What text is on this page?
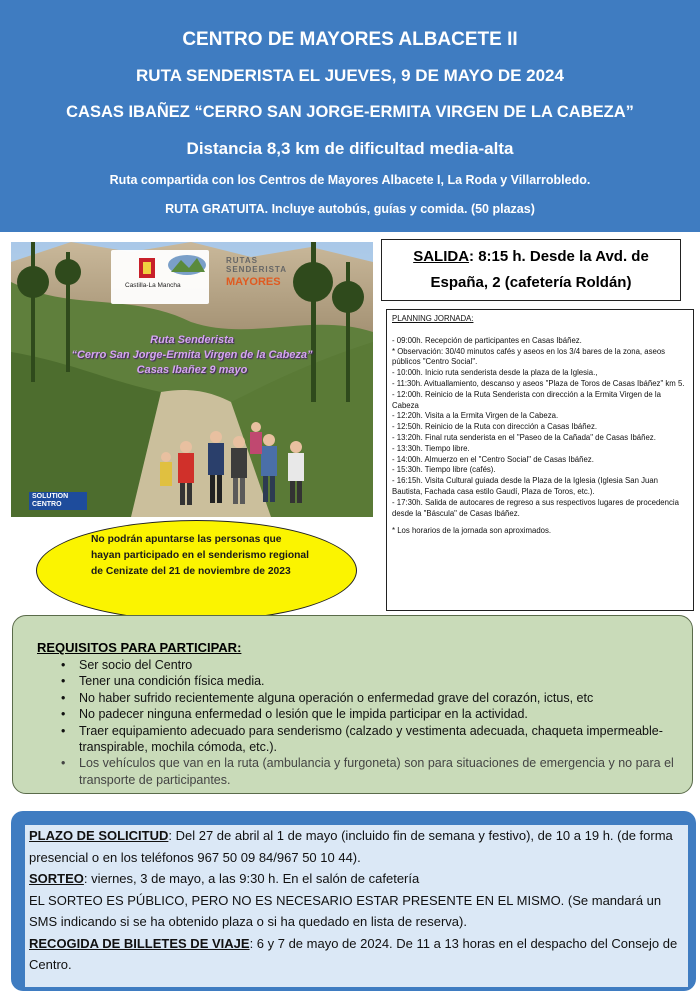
CENTRO DE MAYORES ALBACETE II
RUTA SENDERISTA EL JUEVES, 9 DE MAYO DE 2024
CASAS IBAÑEZ “CERRO SAN JORGE-ERMITA VIRGEN DE LA CABEZA”
Distancia 8,3 km de dificultad media-alta
Ruta compartida con los Centros de Mayores Albacete I, La Roda y Villarrobledo.
RUTA GRATUITA. Incluye autobús, guías y comida. (50 plazas)
Castilla-La Mancha
RUTAS
SENDERISTA
MAYORES
Ruta Senderista
“Cerro San Jorge-Ermita Virgen de la Cabeza”
Casas Ibañez 9 mayo
SOLUTION CENTRO
SALIDA: 8:15 h. Desde la Avd. de
España, 2 (cafetería Roldán)
PLANNING JORNADA:
- 09:00h. Recepción de participantes en Casas Ibáñez.
* Observación: 30/40 minutos cafés y aseos en los 3/4 bares de la zona, aseos públicos "Centro Social".
- 10:00h. Inicio ruta senderista desde la plaza de la Iglesia.,
- 11:30h. Avituallamiento, descanso y aseos "Plaza de Toros de Casas Ibáñez" km 5.
- 12:00h. Reinicio de la Ruta Senderista con dirección a la Ermita Virgen de la Cabeza
- 12:20h. Visita a la Ermita Virgen de la Cabeza.
- 12:50h. Reinicio de la Ruta con dirección a Casas Ibáñez.
- 13:20h. Final ruta senderista en el "Paseo de la Cañada" de Casas Ibáñez.
- 13:30h. Tiempo libre.
- 14:00h. Almuerzo en el "Centro Social" de Casas Ibáñez.
- 15:30h. Tiempo libre (cafés).
- 16:15h. Visita Cultural guiada desde la Plaza de la Iglesia (Iglesia San Juan Bautista, Fachada casa estilo Gaudí, Plaza de Toros, etc.).
- 17:30h. Salida de autocares de regreso a sus respectivos lugares de procedencia desde la "Báscula" de Casas Ibáñez.
* Los horarios de la jornada son aproximados.
No podrán apuntarse las personas que hayan participado en el senderismo regional de Cenizate del 21 de noviembre de 2023
REQUISITOS PARA PARTICIPAR:
• Ser socio del Centro
• Tener una condición física media.
• No haber sufrido recientemente alguna operación o enfermedad grave del corazón, ictus, etc
• No padecer ninguna enfermedad o lesión que le impida participar en la actividad.
• Traer equipamiento adecuado para senderismo (calzado y vestimenta adecuada, chaqueta impermeable-transpirable, mochila cómoda, etc.).
• Los vehículos que van en la ruta (ambulancia y furgoneta) son para situaciones de emergencia y no para el transporte de participantes.
PLAZO DE SOLICITUD: Del 27 de abril al 1 de mayo (incluido fin de semana y festivo), de 10 a 19 h. (de forma presencial o en los teléfonos 967 50 09 84/967 50 10 44).
SORTEO: viernes, 3 de mayo, a las 9:30 h. En el salón de cafetería
EL SORTEO ES PÚBLICO, PERO NO ES NECESARIO ESTAR PRESENTE EN EL MISMO. (Se mandará un SMS indicando si se ha obtenido plaza o si ha quedado en lista de reserva).
RECOGIDA DE BILLETES DE VIAJE: 6 y 7 de mayo de 2024. De 11 a 13 horas en el despacho del Consejo de Centro.
